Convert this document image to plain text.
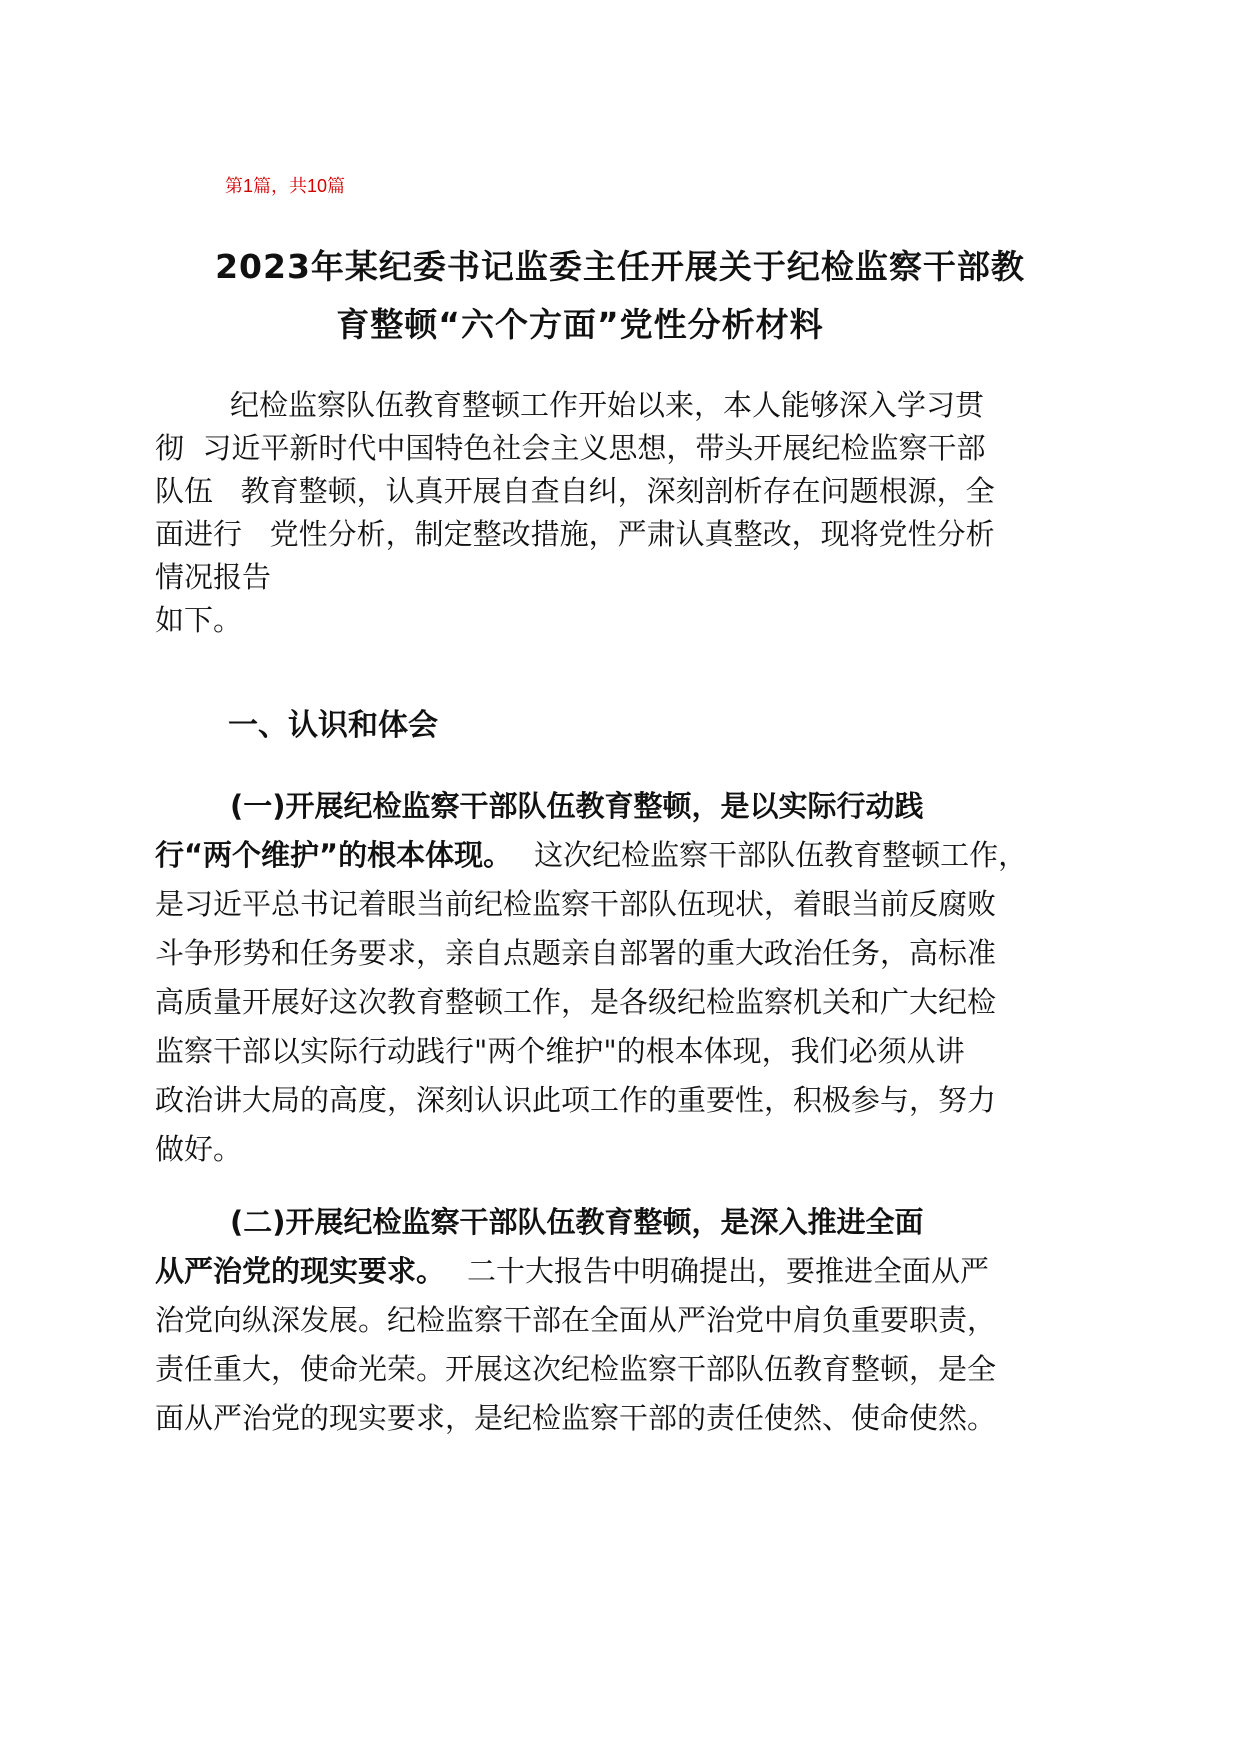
第1篇，共10篇
2023年某纪委书记监委主任开展关于纪检监察干部教
育整顿“六个方面”党性分析材料
纪检监察队伍教育整顿工作开始以来，本人能够深入学习贯
彻  习近平新时代中国特色社会主义思想，带头开展纪检监察干部
队伍   教育整顿，认真开展自查自纠，深刻剖析存在问题根源，全
面进行   党性分析，制定整改措施，严肃认真整改，现将党性分析
情况报告
如下。
一、认识和体会
(一)开展纪检监察干部队伍教育整顿，是以实际行动践
行“两个维护”的根本体现。 这次纪检监察干部队伍教育整顿工作，
是习近平总书记着眼当前纪检监察干部队伍现状，着眼当前反腐败
斗争形势和任务要求，亲自点题亲自部署的重大政治任务，高标准
高质量开展好这次教育整顿工作，是各级纪检监察机关和广大纪检
监察干部以实际行动践行"两个维护"的根本体现，我们必须从讲
政治讲大局的高度，深刻认识此项工作的重要性，积极参与，努力
做好。
(二)开展纪检监察干部队伍教育整顿，是深入推进全面
从严治党的现实要求。 二十大报告中明确提出，要推进全面从严
治党向纵深发展。纪检监察干部在全面从严治党中肩负重要职责，
责任重大，使命光荣。开展这次纪检监察干部队伍教育整顿，是全
面从严治党的现实要求，是纪检监察干部的责任使然、使命使然。
